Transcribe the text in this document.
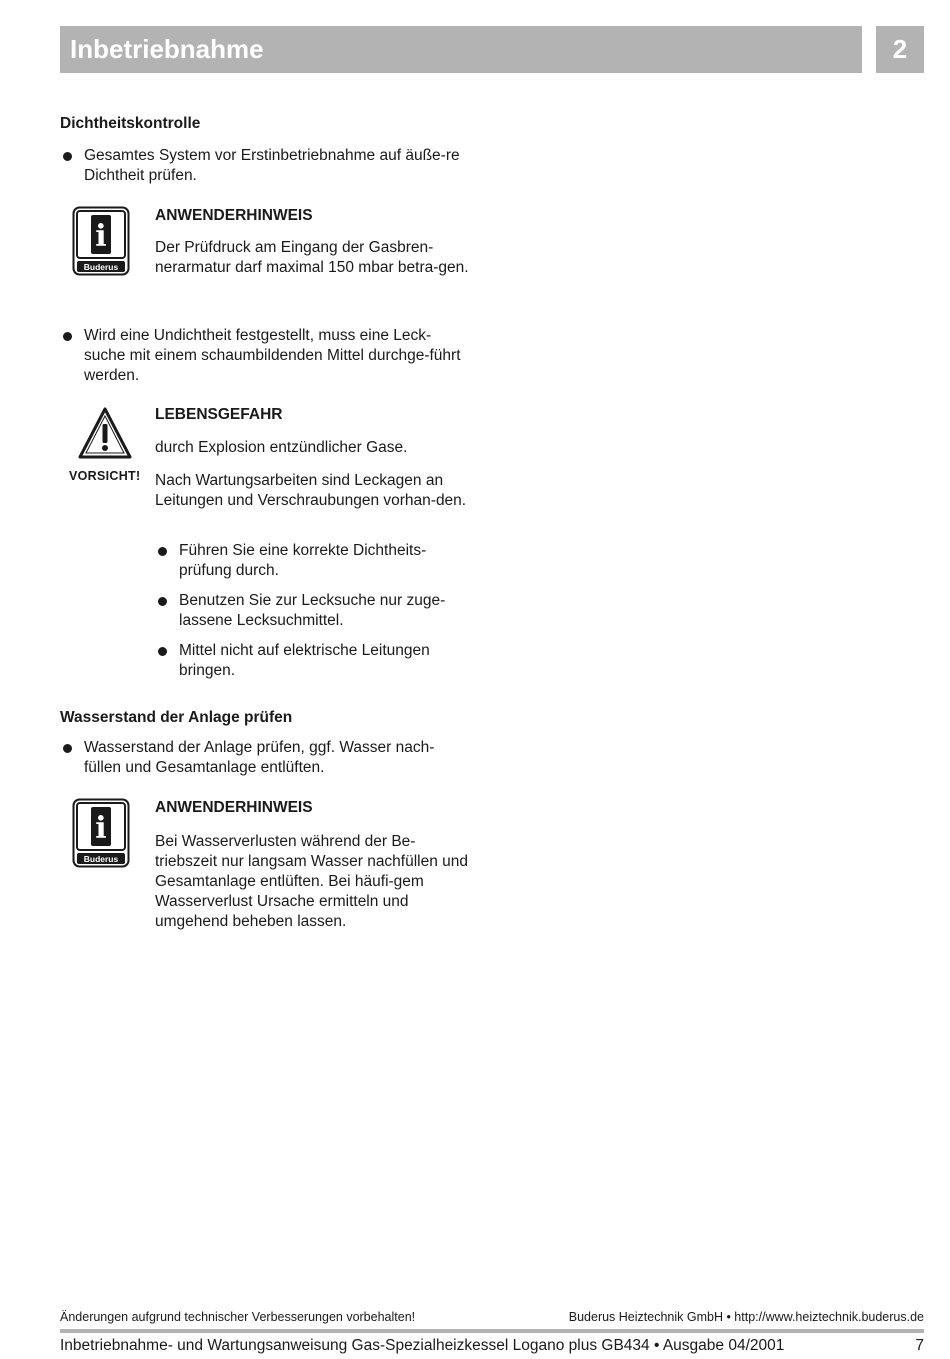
Inbetriebnahme	2
Dichtheitskontrolle
Gesamtes System vor Erstinbetriebnahme auf äuße-re Dichtheit prüfen.
i
Buderus
ANWENDERHINWEIS
Der Prüfdruck am Eingang der Gasbren-nerarmatur darf maximal 150 mbar betra-gen.
Wird eine Undichtheit festgestellt, muss eine Leck-suche mit einem schaumbildenden Mittel durchge-führt werden.
VORSICHT!
LEBENSGEFAHR
durch Explosion entzündlicher Gase.
Nach Wartungsarbeiten sind Leckagen an Leitungen und Verschraubungen vorhan-den.
Führen Sie eine korrekte Dichtheits-prüfung durch.
Benutzen Sie zur Lecksuche nur zuge-lassene Lecksuchmittel.
Mittel nicht auf elektrische Leitungen bringen.
Wasserstand der Anlage prüfen
Wasserstand der Anlage prüfen, ggf. Wasser nach-füllen und Gesamtanlage entlüften.
i
Buderus
ANWENDERHINWEIS
Bei Wasserverlusten während der Be-triebszeit nur langsam Wasser nachfüllen und Gesamtanlage entlüften. Bei häufi-gem Wasserverlust Ursache ermitteln und umgehend beheben lassen.
Änderungen aufgrund technischer Verbesserungen vorbehalten!	Buderus Heiztechnik GmbH • http://www.heiztechnik.buderus.de
Inbetriebnahme- und Wartungsanweisung Gas-Spezialheizkessel Logano plus GB434 • Ausgabe 04/2001	7
